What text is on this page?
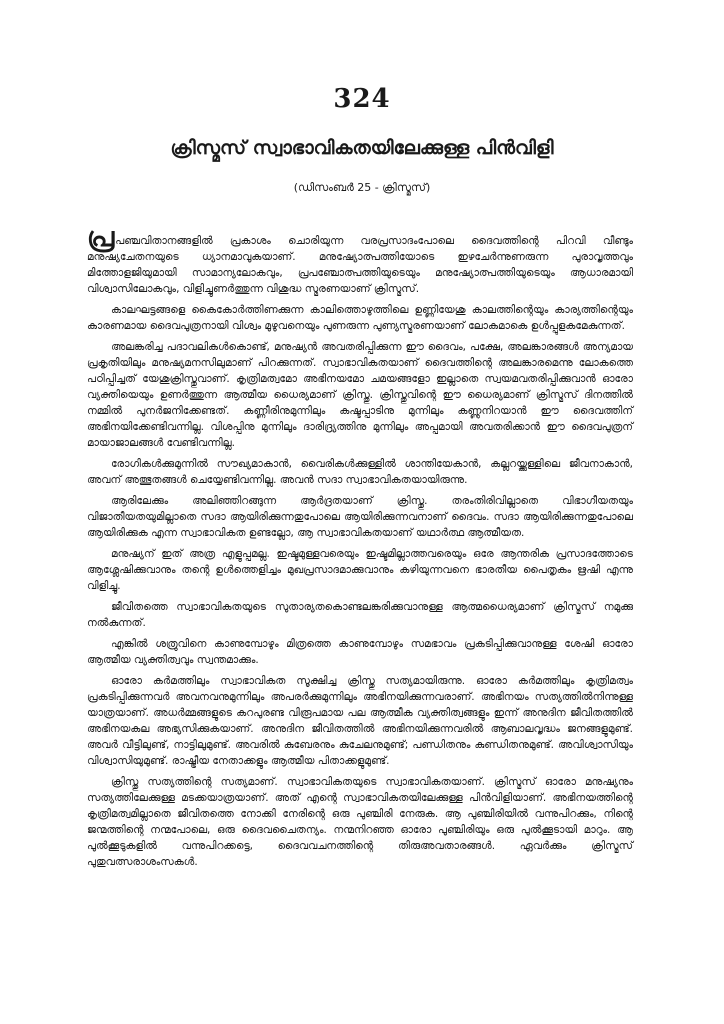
324
ക്രിസ്മസ് സ്വാഭാവികതയിലേക്കുള്ള പിൻവിളി
(ഡിസംബർ 25 - ക്രിസ്മസ്)

പ്രപഞ്ചവിതാനങ്ങളിൽ പ്രകാശം ചൊരിയുന്ന വരപ്രസാദംപോലെ ദൈവത്തിന്റെ പിറവി വീണ്ടും മനുഷ്യചേതനയുടെ ധ്യാനമാവുകയാണ്. മനുഷ്യോത്പത്തിയോടെ ഇഴചേർന്നുണരുന്ന പുരാവൃത്തവും മിത്തോളജിയുമായി സാമാന്യലോകവും, പ്രപഞ്ചോത്പത്തിയുടെയും മനുഷ്യോത്പത്തിയുടെയും ആധാരമായി വിശ്വാസിലോകവും, വിളിച്ചുണർത്തുന്ന വിശുദ്ധ സ്മരണയാണ് ക്രിസ്മസ്.

കാലഘട്ടങ്ങളെ കൈകോർത്തിണക്കുന്ന കാലിത്തൊഴുത്തിലെ ഉണ്ണിയേശു കാലത്തിന്റെയും കാര്യത്തിന്റെയും കാരണമായ ദൈവപുത്രനായി വിശ്വം മുഴുവനെയും പുണരുന്ന പുണ്യസ്മരണയാണ് ലോകമാകെ ഉൾപ്പുളകമേകുന്നത്.

അലങ്കരിച്ച പദാവലികൾകൊണ്ട്, മനുഷ്യൻ അവതരിപ്പിക്കുന്ന ഈ ദൈവം, പക്ഷേ, അലങ്കാരങ്ങൾ അന്യമായ പ്രകൃതിയിലും മനുഷ്യമനസിലുമാണ് പിറക്കുന്നത്. സ്വാഭാവികതയാണ് ദൈവത്തിന്റെ അലങ്കാരമെന്നു ലോകത്തെ പഠിപ്പിച്ചത് യേശുക്രിസ്തുവാണ്. കൃത്രിമത്വമോ അഭിനയമോ ചമയങ്ങളോ ഇല്ലാതെ സ്വയമവതരിപ്പിക്കുവാൻ ഓരോ വ്യക്തിയെയും ഉണർത്തുന്ന ആത്മീയ ധൈര്യമാണ് ക്രിസ്തു. ക്രിസ്തുവിന്റെ ഈ ധൈര്യമാണ് ക്രിസ്മസ് ദിനത്തിൽ നമ്മിൽ പുനർജനിക്കേണ്ടത്. കണ്ണീരിനുമുന്നിലും കഷ്ടപ്പാടിനു മുന്നിലും കണ്ണുനിറയാൻ ഈ ദൈവത്തിന് അഭിനയിക്കേണ്ടിവന്നില്ല. വിശപ്പിനു മുന്നിലും ദാരിദ്ര്യത്തിനു മുന്നിലും അപ്പമായി അവതരിക്കാൻ ഈ ദൈവപുത്രന് മായാജാലങ്ങൾ വേണ്ടിവന്നില്ല.

രോഗികൾക്കുമുന്നിൽ സൗഖ്യമാകാൻ, വൈരികൾക്കുള്ളിൽ ശാന്തിയേകാൻ, കല്ലറയ്ക്കുള്ളിലെ ജീവനാകാൻ, അവന് അത്ഭുതങ്ങൾ ചെയ്യേണ്ടിവന്നില്ല. അവൻ സദാ സ്വാഭാവികതയായിരുന്നു.

ആരിലേക്കും അലിഞ്ഞിറങ്ങുന്ന ആർദ്രതയാണ് ക്രിസ്തു. തരംതിരിവില്ലാതെ വിഭാഗീയതയും വിജാതീയതയുമില്ലാതെ സദാ ആയിരിക്കുന്നതുപോലെ ആയിരിക്കുന്നവനാണ് ദൈവം. സദാ ആയിരിക്കുന്നതുപോലെ ആയിരിക്കുക എന്ന സ്വാഭാവികത ഉണ്ടല്ലോ, ആ സ്വാഭാവികതയാണ് യഥാർത്ഥ ആത്മീയത.

മനുഷ്യന് ഇത് അത്ര എളുപ്പമല്ല. ഇഷ്ടമുള്ളവരെയും ഇഷ്ടമില്ലാത്തവരെയും ഒരേ ആന്തരിക പ്രസാദത്തോടെ ആശ്ലേഷിക്കുവാനും തന്റെ ഉൾത്തെളിച്ചം മുഖപ്രസാദമാക്കുവാനും കഴിയുന്നവനെ ഭാരതീയ പൈതൃകം ഋഷി എന്നു വിളിച്ചു.

ജീവിതത്തെ സ്വാഭാവികതയുടെ സുതാര്യതകൊണ്ടലങ്കരിക്കുവാനുള്ള ആത്മധൈര്യമാണ് ക്രിസ്മസ് നമുക്കു നൽകുന്നത്.

എങ്കിൽ ശത്രുവിനെ കാണുമ്പോഴും മിത്രത്തെ കാണുമ്പോഴും സമഭാവം പ്രകടിപ്പിക്കുവാനുള്ള ശേഷി ഓരോ ആത്മീയ വ്യക്തിത്വവും സ്വന്തമാക്കും.

ഓരോ കർമത്തിലും സ്വാഭാവികത സൂക്ഷിച്ച ക്രിസ്തു സത്യമായിരുന്നു. ഓരോ കർമത്തിലും കൃത്രിമത്വം പ്രകടിപ്പിക്കുന്നവർ അവനവനുമുന്നിലും അപരർക്കുമുന്നിലും അഭിനയിക്കുന്നവരാണ്. അഭിനയം സത്യത്തിൽനിന്നുള്ള യാത്രയാണ്. അധർമ്മങ്ങളുടെ കറപുരണ്ട വിരൂപമായ പല ആത്മീക വ്യക്തിത്വങ്ങളും ഇന്ന് അനുദിന ജീവിതത്തിൽ അഭിനയകല അഭ്യസിക്കുകയാണ്. അനുദിന ജീവിതത്തിൽ അഭിനയിക്കുന്നവരിൽ ആബാലവൃദ്ധം ജനങ്ങളുമുണ്ട്. അവർ വീട്ടിലുണ്ട്, നാട്ടിലുമുണ്ട്. അവരിൽ കുബേരനും കുചേലനുമുണ്ട്; പണ്ഡിതനും കുണ്ഡിതനുമുണ്ട്. അവിശ്വാസിയും വിശ്വാസിയുമുണ്ട്. രാഷ്ട്രീയ നേതാക്കളും ആത്മീയ പിതാക്കളുമുണ്ട്.

ക്രിസ്തു സത്യത്തിന്റെ സത്യമാണ്. സ്വാഭാവികതയുടെ സ്വാഭാവികതയാണ്. ക്രിസ്മസ് ഓരോ മനുഷ്യനും സത്യത്തിലേക്കുള്ള മടക്കയാത്രയാണ്. അത് എന്റെ സ്വാഭാവികതയിലേക്കുള്ള പിൻവിളിയാണ്. അഭിനയത്തിന്റെ കൃത്രിമത്വമില്ലാതെ ജീവിതത്തെ നോക്കി നേരിന്റെ ഒരു പുഞ്ചിരി നേരുക. ആ പുഞ്ചിരിയിൽ വന്നുപിറക്കും, നിന്റെ ജന്മത്തിന്റെ നന്മപോലെ, ഒരു ദൈവചൈതന്യം. നന്മനിറഞ്ഞ ഓരോ പുഞ്ചിരിയും ഒരു പുൽക്കൂടായി മാറും. ആ പുൽക്കൂടുകളിൽ വന്നുപിറക്കട്ടെ, ദൈവവചനത്തിന്റെ തിരുഅവതാരങ്ങൾ. ഏവർക്കും ക്രിസ്മസ് പുതുവത്സരാശംസകൾ.
